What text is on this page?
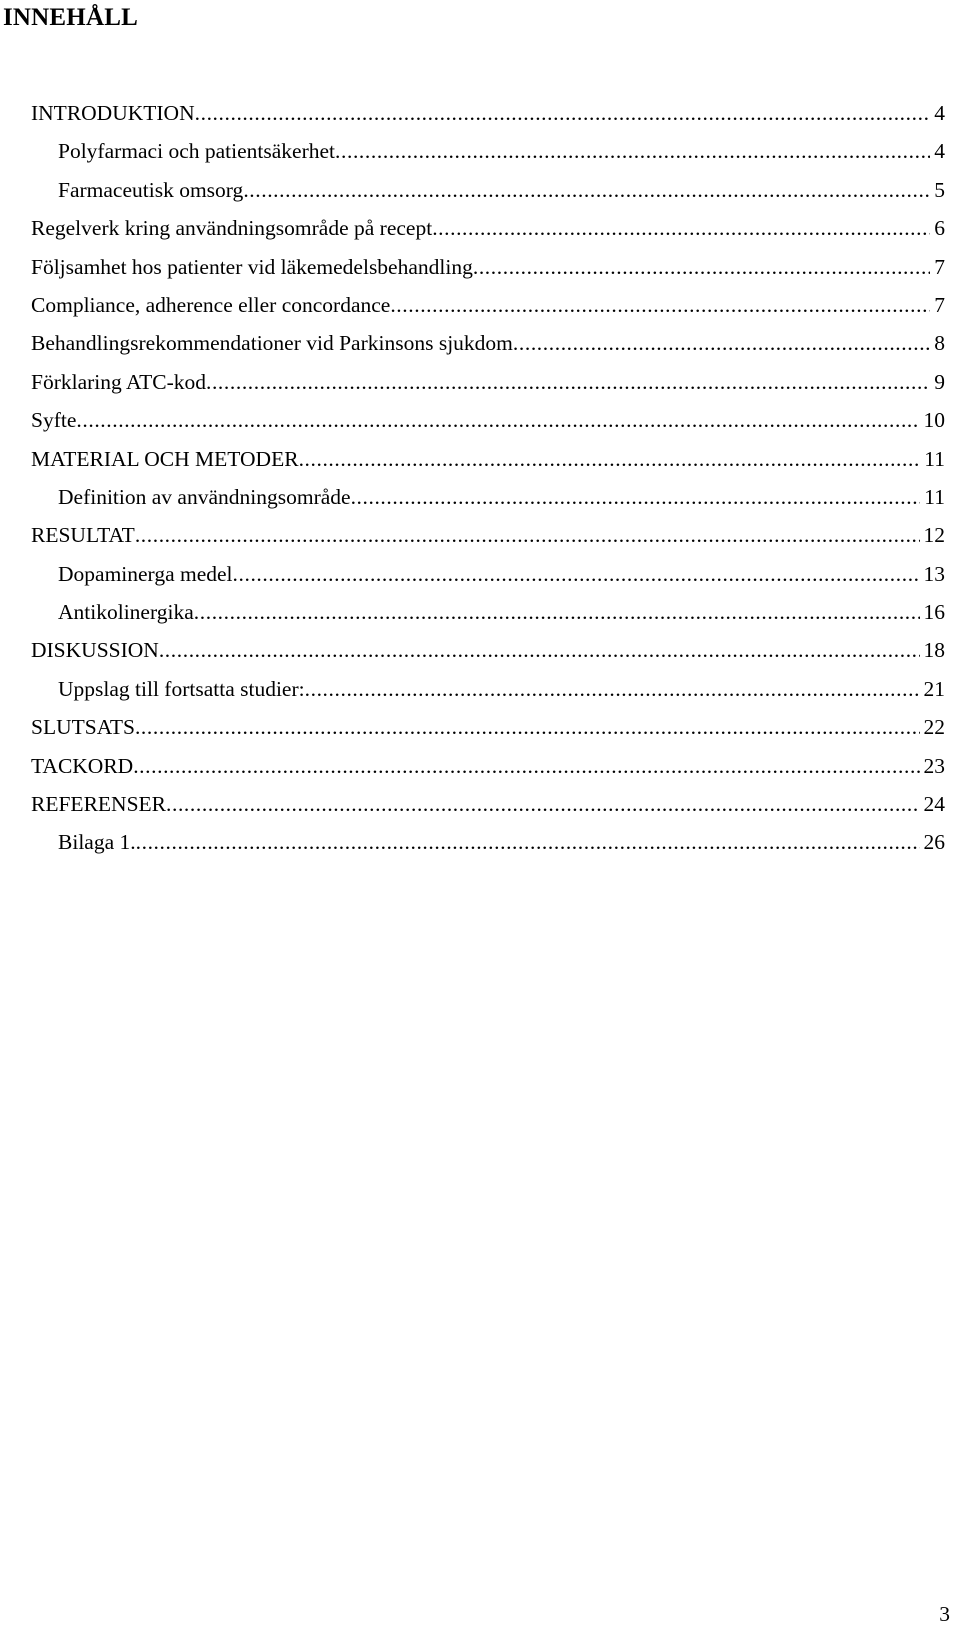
INNEHÅLL
INTRODUKTION .....	4
Polyfarmaci och patientsäkerhet .....	4
Farmaceutisk omsorg .....	5
Regelverk kring användningsområde på recept .....	6
Följsamhet hos patienter vid läkemedelsbehandling .....	7
Compliance, adherence eller concordance .....	7
Behandlingsrekommendationer vid Parkinsons sjukdom .....	8
Förklaring ATC-kod .....	9
Syfte .....	10
MATERIAL OCH METODER .....	11
Definition av användningsområde .....	11
RESULTAT .....	12
Dopaminerga medel .....	13
Antikolinergika .....	16
DISKUSSION .....	18
Uppslag till fortsatta studier: .....	21
SLUTSATS .....	22
TACKORD .....	23
REFERENSER .....	24
Bilaga 1. .....	26
3
